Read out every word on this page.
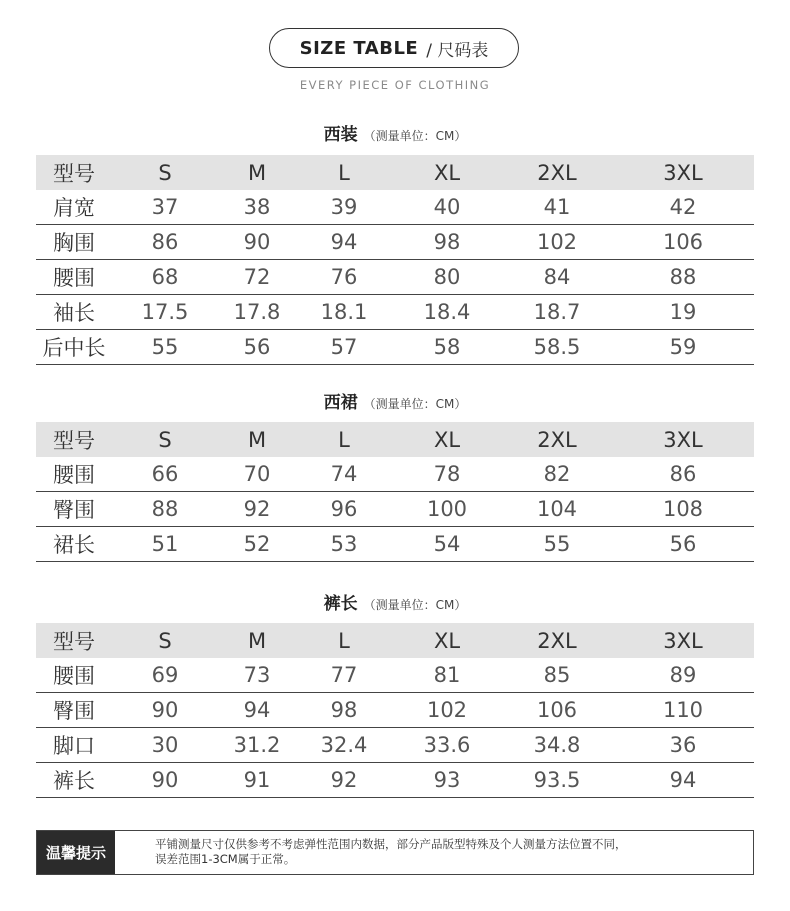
SIZE TABLE / 尺码表
EVERY PIECE OF CLOTHING
西装 （测量单位：CM）
型号	S	M	L	XL	2XL	3XL
肩宽	37	38	39	40	41	42
胸围	86	90	94	98	102	106
腰围	68	72	76	80	84	88
袖长	17.5	17.8	18.1	18.4	18.7	19
后中长	55	56	57	58	58.5	59
西裙 （测量单位：CM）
型号	S	M	L	XL	2XL	3XL
腰围	66	70	74	78	82	86
臀围	88	92	96	100	104	108
裙长	51	52	53	54	55	56
裤长 （测量单位：CM）
型号	S	M	L	XL	2XL	3XL
腰围	69	73	77	81	85	89
臀围	90	94	98	102	106	110
脚口	30	31.2	32.4	33.6	34.8	36
裤长	90	91	92	93	93.5	94
温馨提示	平铺测量尺寸仅供参考不考虑弹性范围内数据，部分产品版型特殊及个人测量方法位置不同，
误差范围1-3CM属于正常。
